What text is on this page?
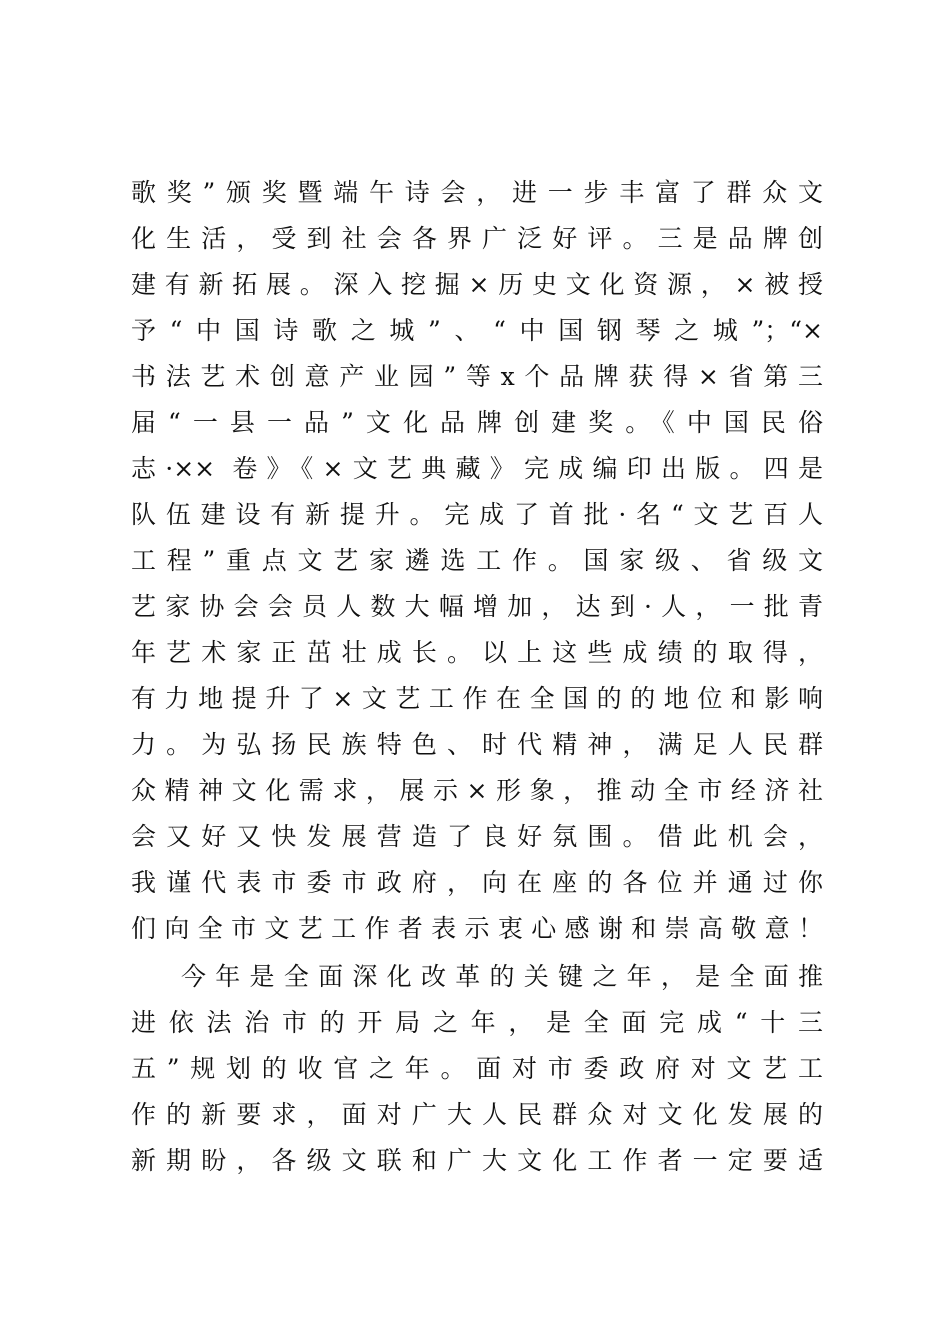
歌奖”颁奖暨端午诗会，进一步丰富了群众文
化生活，受到社会各界广泛好评。三是品牌创
建有新拓展。深入挖掘×历史文化资源，×被授
予“中国诗歌之城”、“中国钢琴之城”；“×
书法艺术创意产业园”等x个品牌获得×省第三
届“一县一品”文化品牌创建奖。《中国民俗
志·×× 卷》《×文艺典藏》完成编印出版。四是
队伍建设有新提升。完成了首批·名“文艺百人
工程”重点文艺家遴选工作。国家级、省级文
艺家协会会员人数大幅增加，达到·人，一批青
年艺术家正茁壮成长。以上这些成绩的取得，
有力地提升了×文艺工作在全国的的地位和影响
力。为弘扬民族特色、时代精神，满足人民群
众精神文化需求，展示×形象，推动全市经济社
会又好又快发展营造了良好氛围。借此机会，
我谨代表市委市政府，向在座的各位并通过你
们向全市文艺工作者表示衷心感谢和崇高敬意！
今年是全面深化改革的关键之年，是全面推
进依法治市的开局之年，是全面完成“十三
五”规划的收官之年。面对市委政府对文艺工
作的新要求，面对广大人民群众对文化发展的
新期盼，各级文联和广大文化工作者一定要适
